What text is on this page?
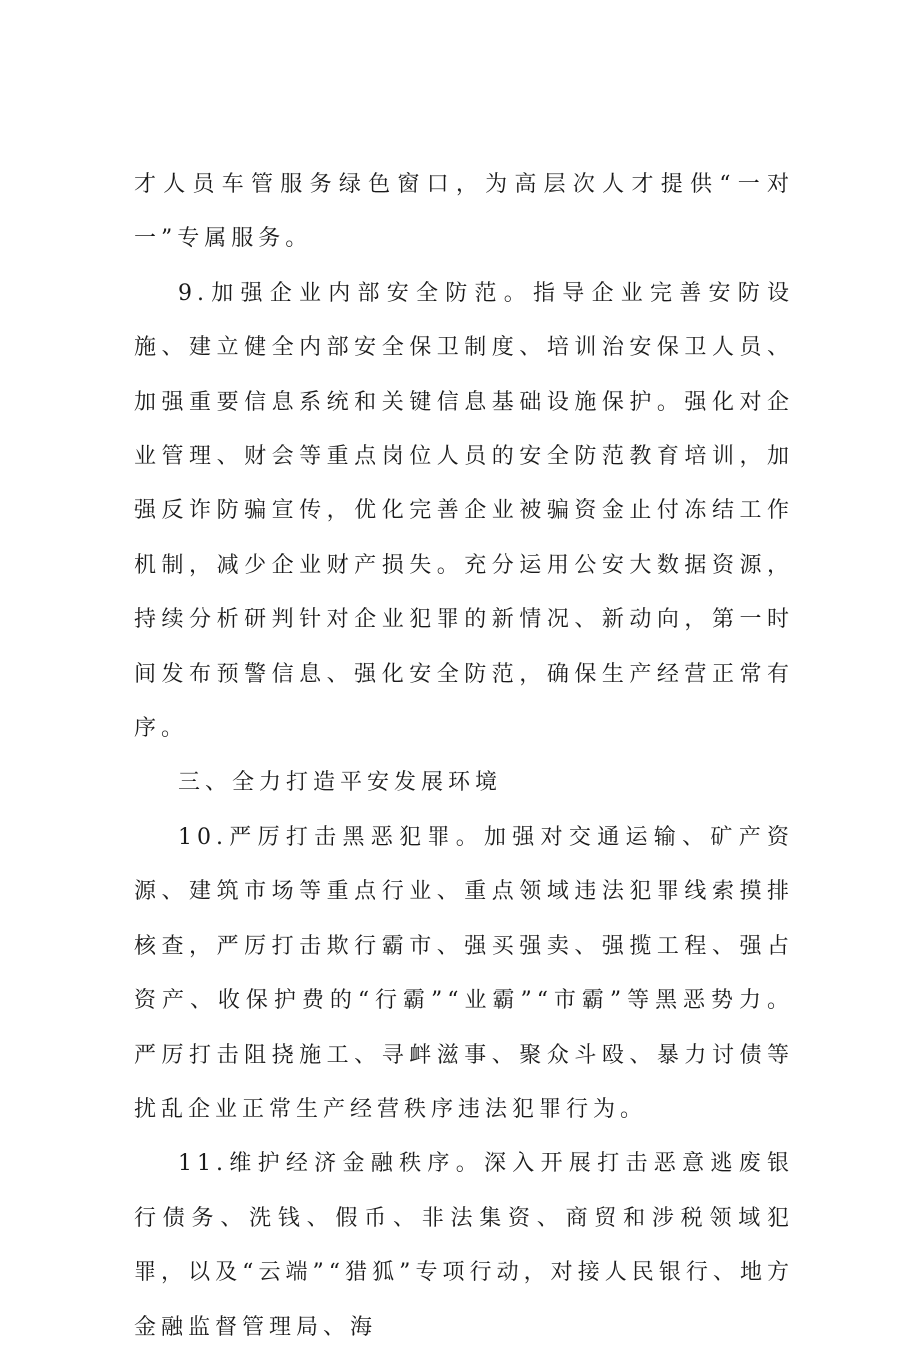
才人员车管服务绿色窗口，为高层次人才提供“一对一”专属服务。

9.加强企业内部安全防范。指导企业完善安防设施、建立健全内部安全保卫制度、培训治安保卫人员、加强重要信息系统和关键信息基础设施保护。强化对企业管理、财会等重点岗位人员的安全防范教育培训，加强反诈防骗宣传，优化完善企业被骗资金止付冻结工作机制，减少企业财产损失。充分运用公安大数据资源，持续分析研判针对企业犯罪的新情况、新动向，第一时间发布预警信息、强化安全防范，确保生产经营正常有序。

三、全力打造平安发展环境

10.严厉打击黑恶犯罪。加强对交通运输、矿产资源、建筑市场等重点行业、重点领域违法犯罪线索摸排核查，严厉打击欺行霸市、强买强卖、强揽工程、强占资产、收保护费的“行霸”“业霸”“市霸”等黑恶势力。严厉打击阻挠施工、寻衅滋事、聚众斗殴、暴力讨债等扰乱企业正常生产经营秩序违法犯罪行为。

11.维护经济金融秩序。深入开展打击恶意逃废银行债务、洗钱、假币、非法集资、商贸和涉税领域犯罪，以及“云端”“猎狐”专项行动，对接人民银行、地方金融监督管理局、海
